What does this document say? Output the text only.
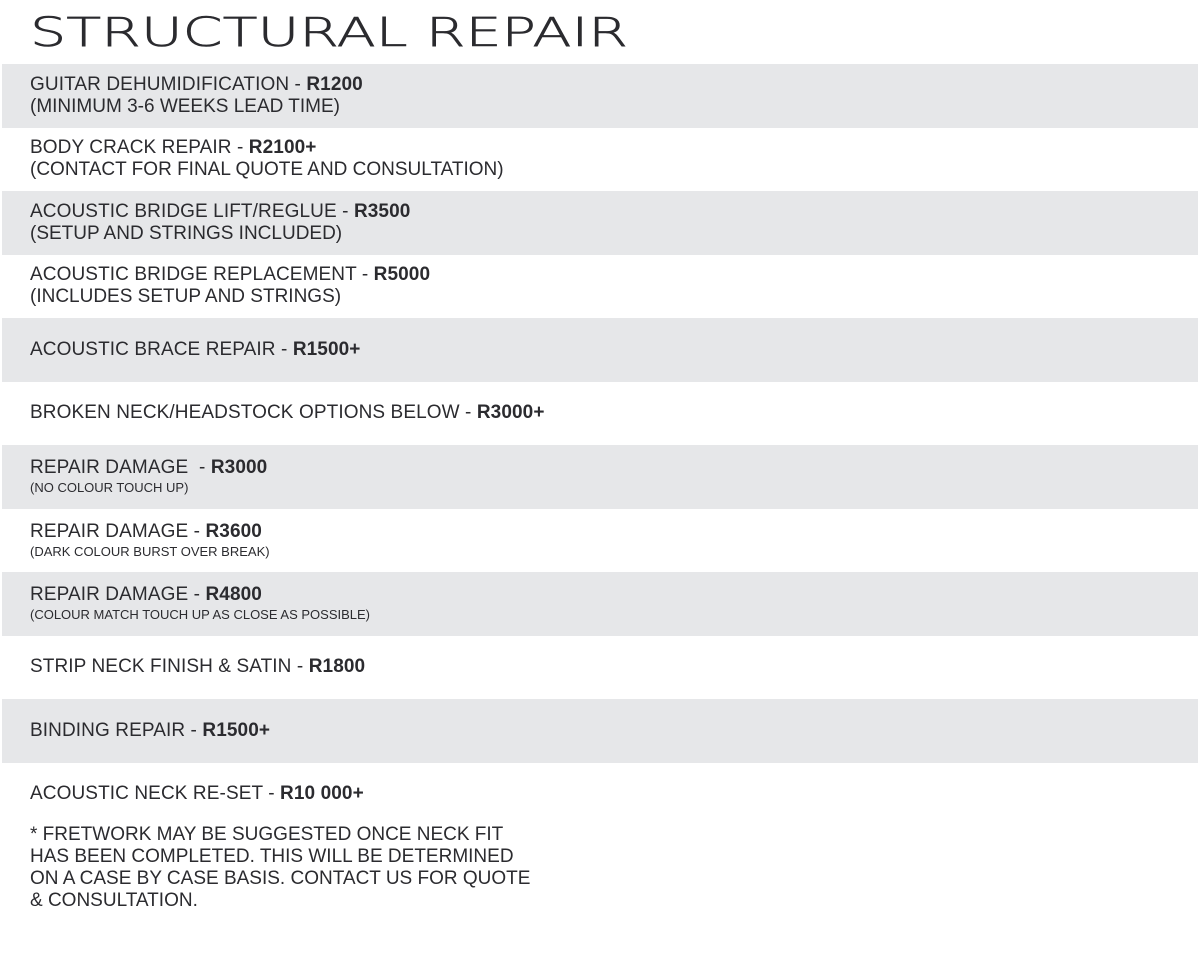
STRUCTURAL REPAIR
GUITAR DEHUMIDIFICATION - R1200
(MINIMUM 3-6 WEEKS LEAD TIME)
BODY CRACK REPAIR - R2100+
(CONTACT FOR FINAL QUOTE AND CONSULTATION)
ACOUSTIC BRIDGE LIFT/REGLUE - R3500
(SETUP AND STRINGS INCLUDED)
ACOUSTIC BRIDGE REPLACEMENT - R5000
(INCLUDES SETUP AND STRINGS)
ACOUSTIC BRACE REPAIR - R1500+
BROKEN NECK/HEADSTOCK OPTIONS BELOW - R3000+
REPAIR DAMAGE  - R3000
(NO COLOUR TOUCH UP)
REPAIR DAMAGE - R3600
(DARK COLOUR BURST OVER BREAK)
REPAIR DAMAGE - R4800
(COLOUR MATCH TOUCH UP AS CLOSE AS POSSIBLE)
STRIP NECK FINISH & SATIN - R1800
BINDING REPAIR - R1500+
ACOUSTIC NECK RE-SET - R10 000+
* FRETWORK MAY BE SUGGESTED ONCE NECK FIT
HAS BEEN COMPLETED. THIS WILL BE DETERMINED
ON A CASE BY CASE BASIS. CONTACT US FOR QUOTE
& CONSULTATION.
